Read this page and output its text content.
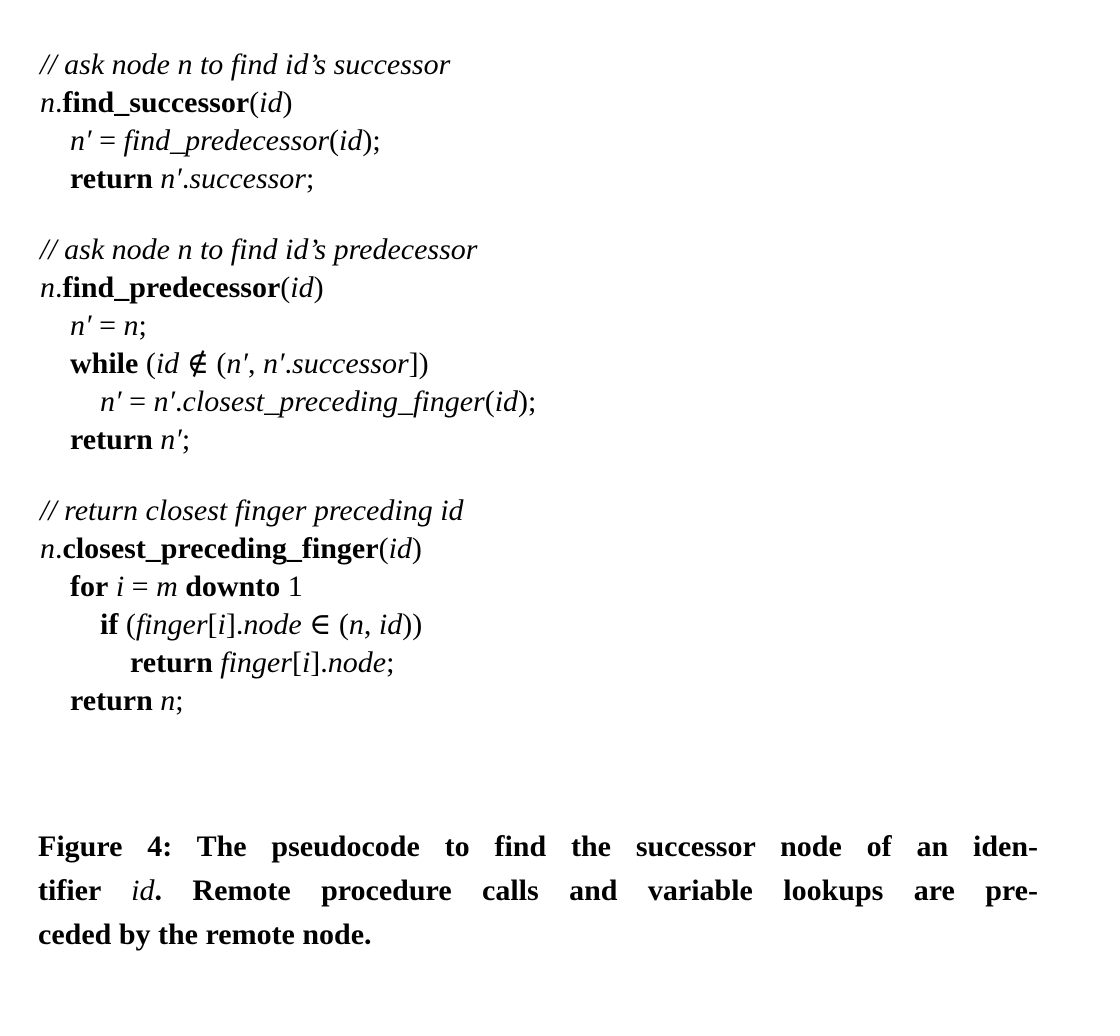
// ask node n to find id’s successor
n.find_successor(id)
n′ = find_predecessor(id);
return n′.successor;
// ask node n to find id’s predecessor
n.find_predecessor(id)
n′ = n;
while (id ∉ (n′, n′.successor])
n′ = n′.closest_preceding_finger(id);
return n′;
// return closest finger preceding id
n.closest_preceding_finger(id)
for i = m downto 1
if (finger[i].node ∈ (n, id))
return finger[i].node;
return n;
Figure 4: The pseudocode to find the successor node of an iden-
tifier id. Remote procedure calls and variable lookups are pre-
ceded by the remote node.
